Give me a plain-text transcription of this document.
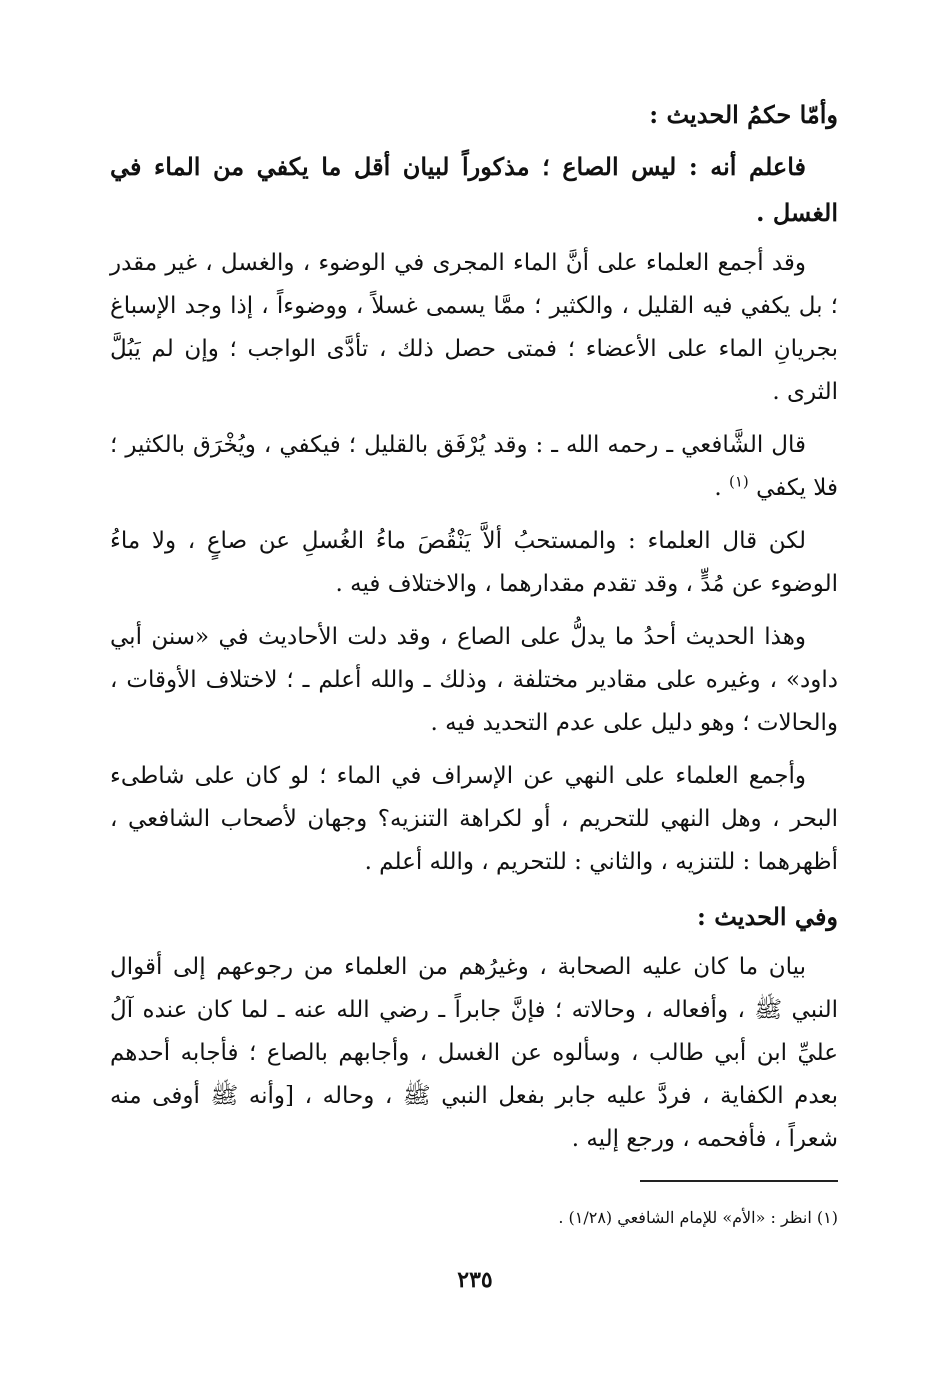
وأمّا حكمُ الحديث :

فاعلم أنه : ليس الصاع ؛ مذكوراً لبيان أقل ما يكفي من الماء في الغسل .

وقد أجمع العلماء على أنَّ الماء المجرى في الوضوء ، والغسل ، غير مقدر ؛ بل يكفي فيه القليل ، والكثير ؛ ممَّا يسمى غسلاً ، ووضوءاً ، إذا وجد الإسباغ بجريانِ الماء على الأعضاء ؛ فمتى حصل ذلك ، تأدَّى الواجب ؛ وإن لم يَبُلَّ الثرى .

قال الشَّافعي ـ رحمه الله ـ : وقد يُرْفَق بالقليل ؛ فيكفي ، ويُخْرَق بالكثير ؛ فلا يكفي $^{(١)}$ .

لكن قال العلماء : والمستحبُ ألاَّ يَنْقُصَ ماءُ الغُسلِ عن صاعٍ ، ولا ماءُ الوضوء عن مُدٍّ ، وقد تقدم مقدارهما ، والاختلاف فيه .

وهذا الحديث أحدُ ما يدلُّ على الصاع ، وقد دلت الأحاديث في «سنن أبي داود» ، وغيره على مقادير مختلفة ، وذلك ـ والله أعلم ـ ؛ لاختلاف الأوقات ، والحالات ؛ وهو دليل على عدم التحديد فيه .

وأجمع العلماء على النهي عن الإسراف في الماء ؛ لو كان على شاطىء البحر ، وهل النهي للتحريم ، أو لكراهة التنزيه؟ وجهان لأصحاب الشافعي ، أظهرهما : للتنزيه ، والثاني : للتحريم ، والله أعلم .

وفي الحديث :

بيان ما كان عليه الصحابة ، وغيرُهم من العلماء من رجوعهم إلى أقوال النبي ﷺ ، وأفعاله ، وحالاته ؛ فإنَّ جابراً ـ رضي الله عنه ـ لما كان عنده آلُ عليِّ ابن أبي طالب ، وسألوه عن الغسل ، وأجابهم بالصاع ؛ فأجابه أحدهم بعدم الكفاية ، فردَّ عليه جابر بفعل النبي ﷺ ، وحاله ، [وأنه ﷺ أوفى منه شعراً ، فأفحمه ، ورجع إليه .

(١) انظر : «الأم» للإمام الشافعي (١/٢٨) .
٢٣٥
